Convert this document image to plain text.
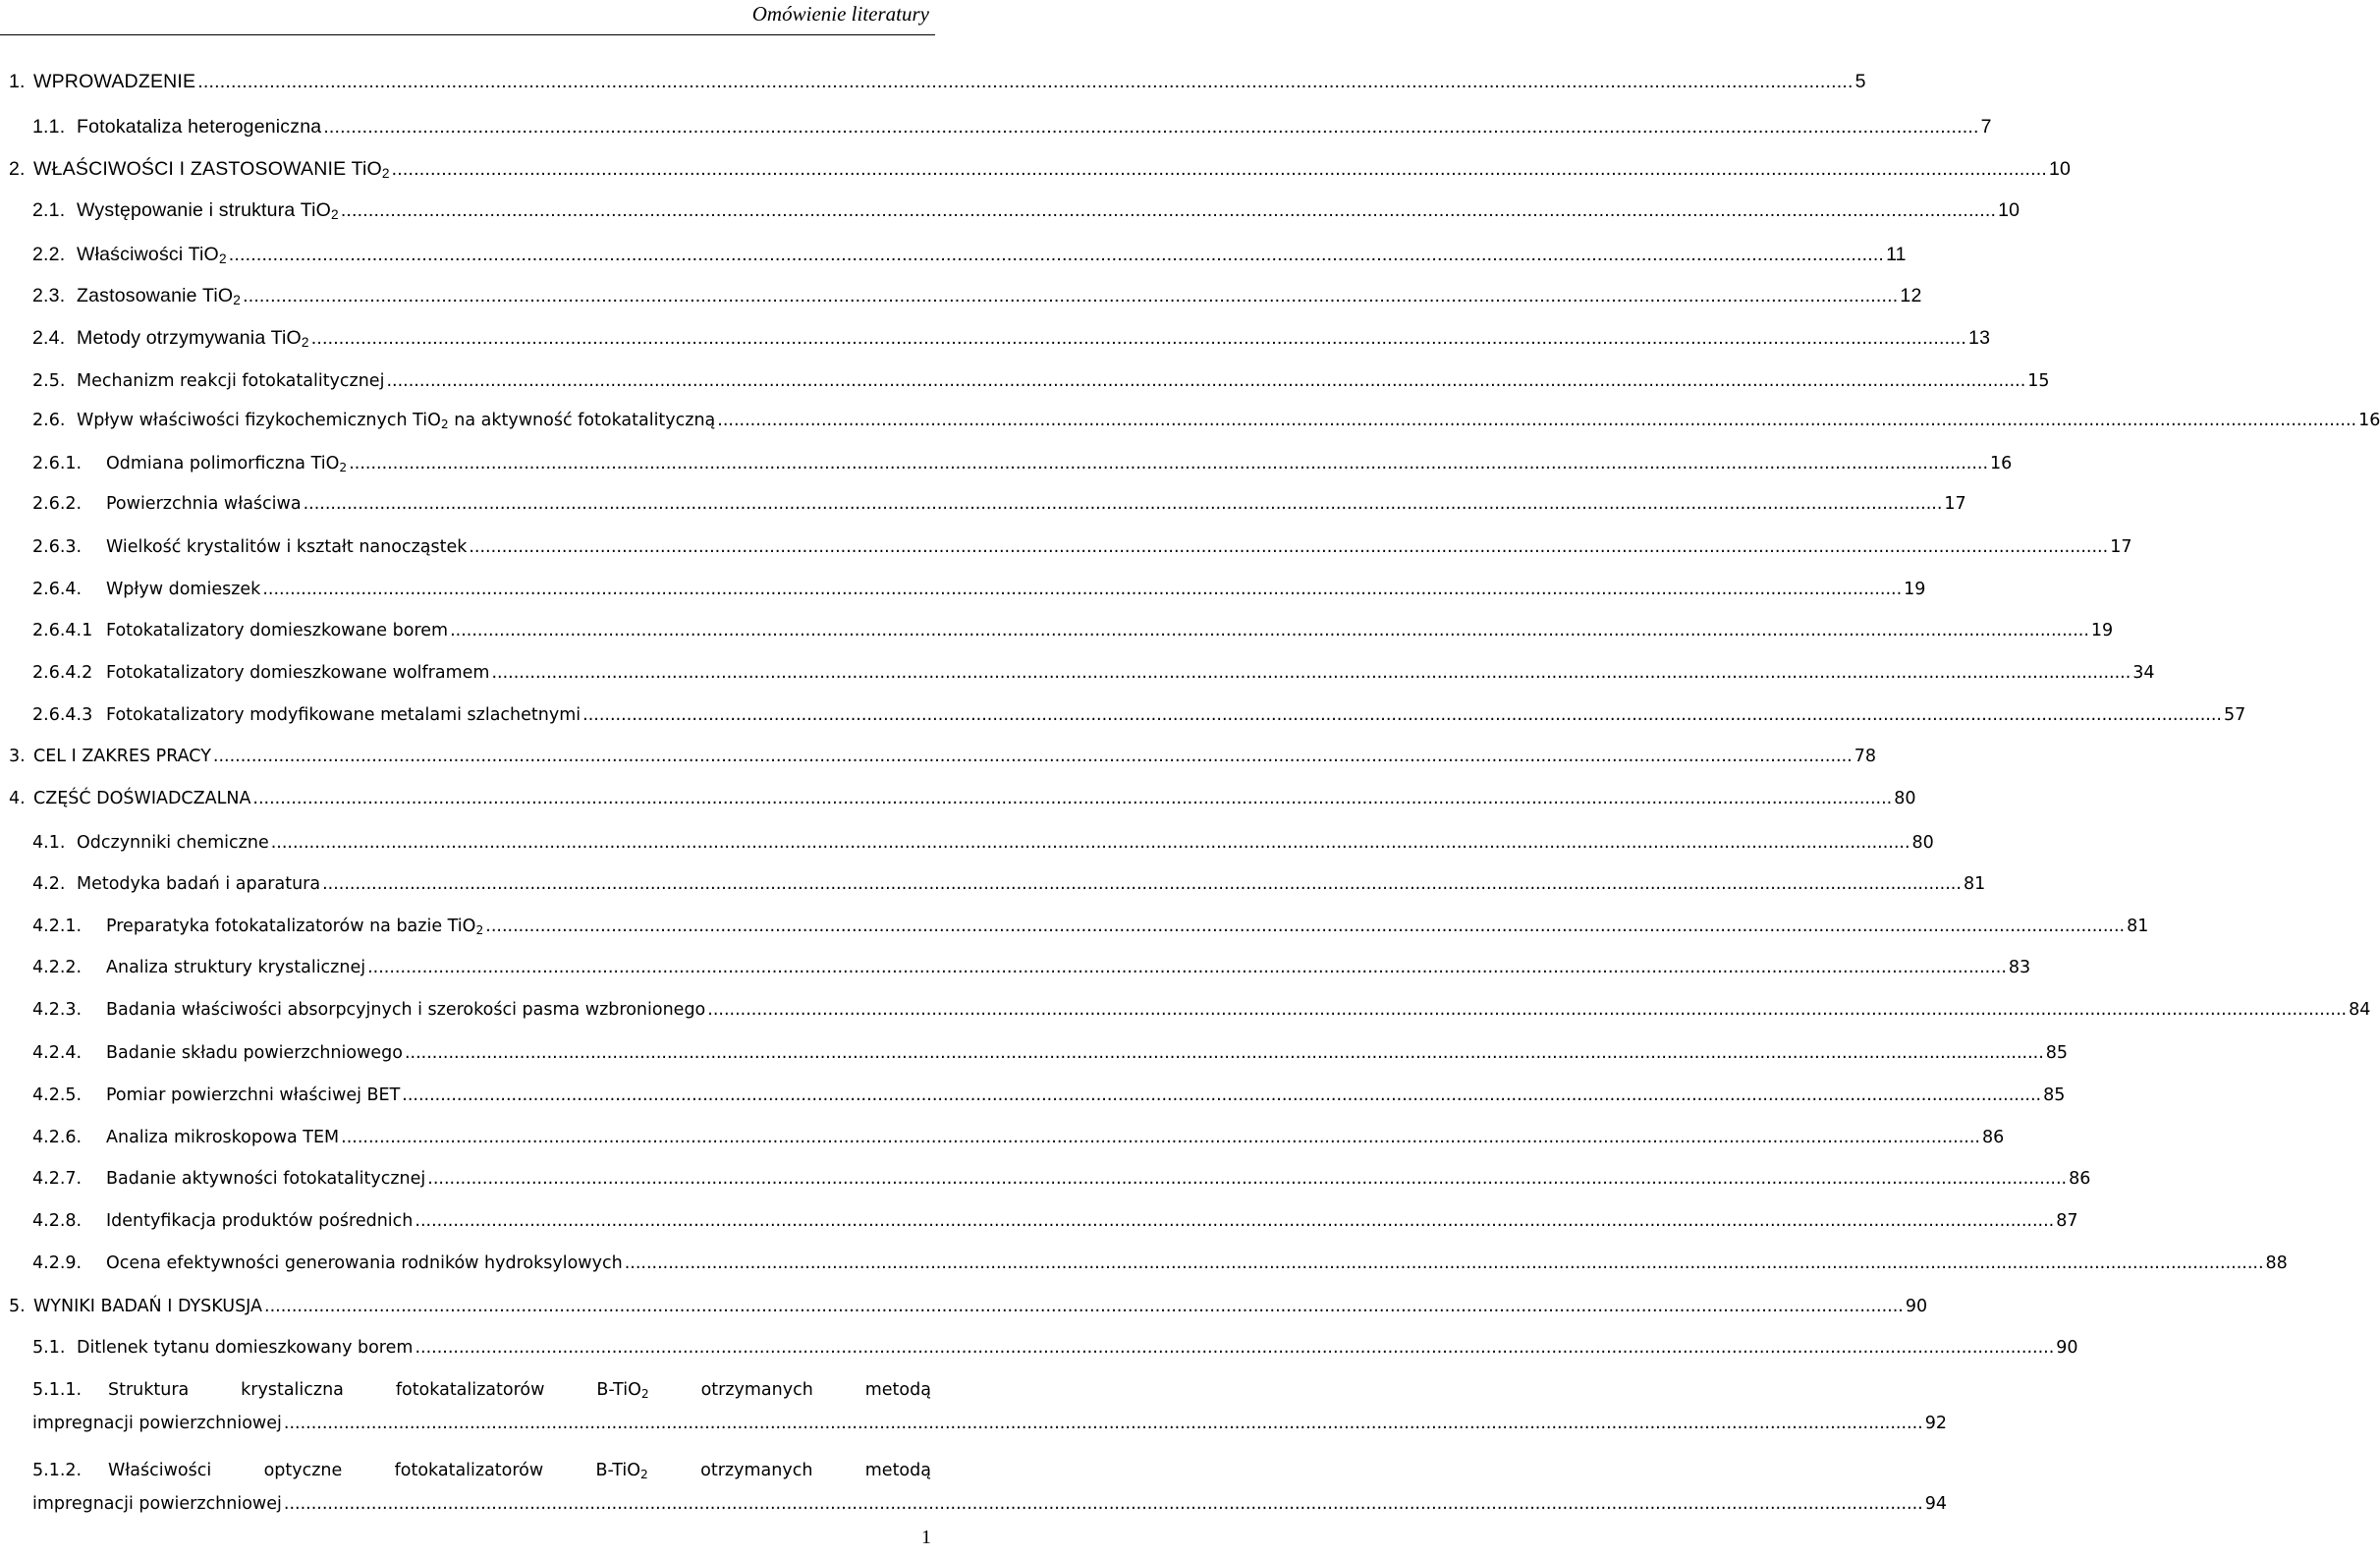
Omówienie literatury
1. WPROWADZENIE ............................................................................................................................................................................................................................................................................................................ 5
1.1. Fotokataliza heterogeniczna ............................................................................................................................................................................................................................................................................................................ 7
2. WŁAŚCIWOŚCI I ZASTOSOWANIE TiO$_2$ ............................................................................................................................................................................................................................................................................................................ 10
2.1. Występowanie i struktura TiO$_2$ ............................................................................................................................................................................................................................................................................................................ 10
2.2. Właściwości TiO$_2$ ............................................................................................................................................................................................................................................................................................................ 11
2.3. Zastosowanie TiO$_2$ ............................................................................................................................................................................................................................................................................................................ 12
2.4. Metody otrzymywania TiO$_2$ ............................................................................................................................................................................................................................................................................................................ 13
2.5. Mechanizm reakcji fotokatalitycznej ............................................................................................................................................................................................................................................................................................................ 15
2.6. Wpływ właściwości fizykochemicznych TiO$_2$ na aktywność fotokatalityczną ............................................................................................................................................................................................................................................................................................................ 16
2.6.1. Odmiana polimorficzna TiO$_2$ ............................................................................................................................................................................................................................................................................................................ 16
2.6.2. Powierzchnia właściwa ............................................................................................................................................................................................................................................................................................................ 17
2.6.3. Wielkość krystalitów i kształt nanocząstek ............................................................................................................................................................................................................................................................................................................ 17
2.6.4. Wpływ domieszek ............................................................................................................................................................................................................................................................................................................ 19
2.6.4.1 Fotokatalizatory domieszkowane borem ............................................................................................................................................................................................................................................................................................................ 19
2.6.4.2 Fotokatalizatory domieszkowane wolframem ............................................................................................................................................................................................................................................................................................................ 34
2.6.4.3 Fotokatalizatory modyfikowane metalami szlachetnymi ............................................................................................................................................................................................................................................................................................................ 57
3. CEL I ZAKRES PRACY ............................................................................................................................................................................................................................................................................................................ 78
4. CZĘŚĆ DOŚWIADCZALNA ............................................................................................................................................................................................................................................................................................................ 80
4.1. Odczynniki chemiczne ............................................................................................................................................................................................................................................................................................................ 80
4.2. Metodyka badań i aparatura ............................................................................................................................................................................................................................................................................................................ 81
4.2.1. Preparatyka fotokatalizatorów na bazie TiO$_2$ ............................................................................................................................................................................................................................................................................................................ 81
4.2.2. Analiza struktury krystalicznej ............................................................................................................................................................................................................................................................................................................ 83
4.2.3. Badania właściwości absorpcyjnych i szerokości pasma wzbronionego ............................................................................................................................................................................................................................................................................................................ 84
4.2.4. Badanie składu powierzchniowego ............................................................................................................................................................................................................................................................................................................ 85
4.2.5. Pomiar powierzchni właściwej BET ............................................................................................................................................................................................................................................................................................................ 85
4.2.6. Analiza mikroskopowa TEM ............................................................................................................................................................................................................................................................................................................ 86
4.2.7. Badanie aktywności fotokatalitycznej ............................................................................................................................................................................................................................................................................................................ 86
4.2.8. Identyfikacja produktów pośrednich ............................................................................................................................................................................................................................................................................................................ 87
4.2.9. Ocena efektywności generowania rodników hydroksylowych ............................................................................................................................................................................................................................................................................................................ 88
5. WYNIKI BADAŃ I DYSKUSJA ............................................................................................................................................................................................................................................................................................................ 90
5.1. Ditlenek tytanu domieszkowany borem ............................................................................................................................................................................................................................................................................................................ 90
5.1.1. Struktura	krystaliczna	fotokatalizatorów	B-TiO$_2$	otrzymanych	metodą
impregnacji powierzchniowej ............................................................................................................................................................................................................................................................................................................ 92
5.1.2. Właściwości	optyczne	fotokatalizatorów	B-TiO$_2$	otrzymanych	metodą
impregnacji powierzchniowej ............................................................................................................................................................................................................................................................................................................ 94
1
